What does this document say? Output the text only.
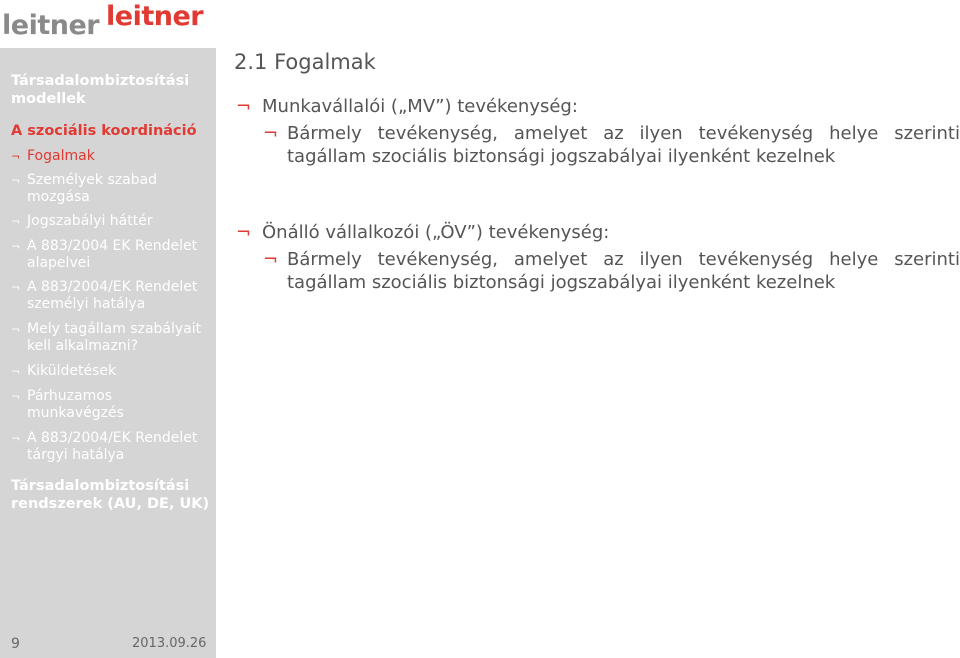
leitner leitner
Társadalombiztosítási modellek
A szociális koordináció
¬ Fogalmak
¬ Személyek szabad mozgása
¬ Jogszabályi háttér
¬ A 883/2004 EK Rendelet alapelvei
¬ A 883/2004/EK Rendelet személyi hatálya
¬ Mely tagállam szabályait kell alkalmazni?
¬ Kiküldetések
¬ Párhuzamos munkavégzés
¬ A 883/2004/EK Rendelet tárgyi hatálya
Társadalombiztosítási rendszerek (AU, DE, UK)
9	2013.09.26
2.1 Fogalmak
¬ Munkavállalói („MV”) tevékenység:
¬ Bármely tevékenység, amelyet az ilyen tevékenység helye szerinti tagállam szociális biztonsági jogszabályai ilyenként kezelnek
¬ Önálló vállalkozói („ÖV”) tevékenység:
¬ Bármely tevékenység, amelyet az ilyen tevékenység helye szerinti tagállam szociális biztonsági jogszabályai ilyenként kezelnek
